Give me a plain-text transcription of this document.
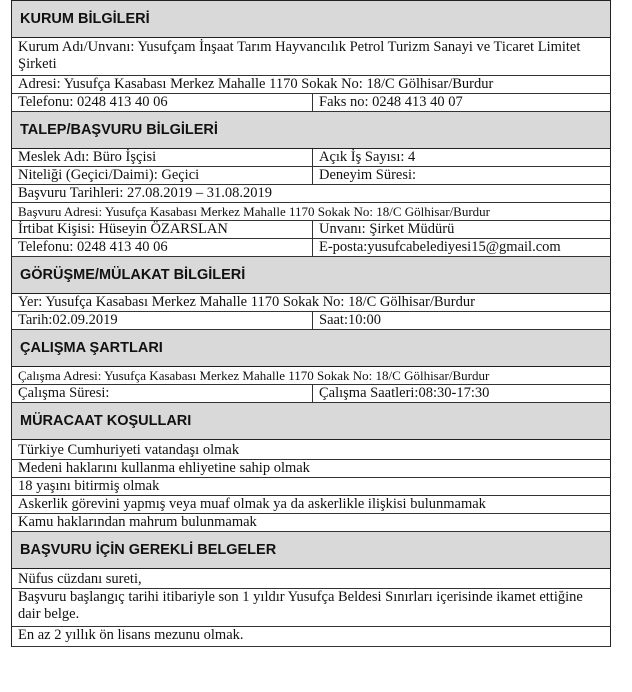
KURUM BİLGİLERİ
Kurum Adı/Unvanı: Yusufçam İnşaat Tarım Hayvancılık Petrol Turizm Sanayi ve Ticaret Limitet Şirketi
Adresi: Yusufça Kasabası Merkez Mahalle 1170 Sokak No: 18/C Gölhisar/Burdur
Telefonu: 0248 413 40 06	Faks no: 0248 413 40 07
TALEP/BAŞVURU BİLGİLERİ
Meslek Adı: Büro İşçisi	Açık İş Sayısı: 4
Niteliği (Geçici/Daimi): Geçici	Deneyim Süresi:
Başvuru Tarihleri: 27.08.2019 – 31.08.2019
Başvuru Adresi: Yusufça Kasabası Merkez Mahalle 1170 Sokak No: 18/C Gölhisar/Burdur
İrtibat Kişisi: Hüseyin ÖZARSLAN	Unvanı: Şirket Müdürü
Telefonu: 0248 413 40 06	E-posta:yusufcabelediyesi15@gmail.com
GÖRÜŞME/MÜLAKAT BİLGİLERİ
Yer: Yusufça Kasabası Merkez Mahalle 1170 Sokak No: 18/C Gölhisar/Burdur
Tarih:02.09.2019	Saat:10:00
ÇALIŞMA ŞARTLARI
Çalışma Adresi: Yusufça Kasabası Merkez Mahalle 1170 Sokak No: 18/C Gölhisar/Burdur
Çalışma Süresi:	Çalışma Saatleri:08:30-17:30
MÜRACAAT KOŞULLARI
Türkiye Cumhuriyeti vatandaşı olmak
Medeni haklarını kullanma ehliyetine sahip olmak
18 yaşını bitirmiş olmak
Askerlik görevini yapmış veya muaf olmak ya da askerlikle ilişkisi bulunmamak
Kamu haklarından mahrum bulunmamak
BAŞVURU İÇİN GEREKLİ BELGELER
Nüfus cüzdanı sureti,
Başvuru başlangıç tarihi itibariyle son 1 yıldır Yusufça Beldesi Sınırları içerisinde ikamet ettiğine dair belge.
En az 2 yıllık ön lisans mezunu olmak.
